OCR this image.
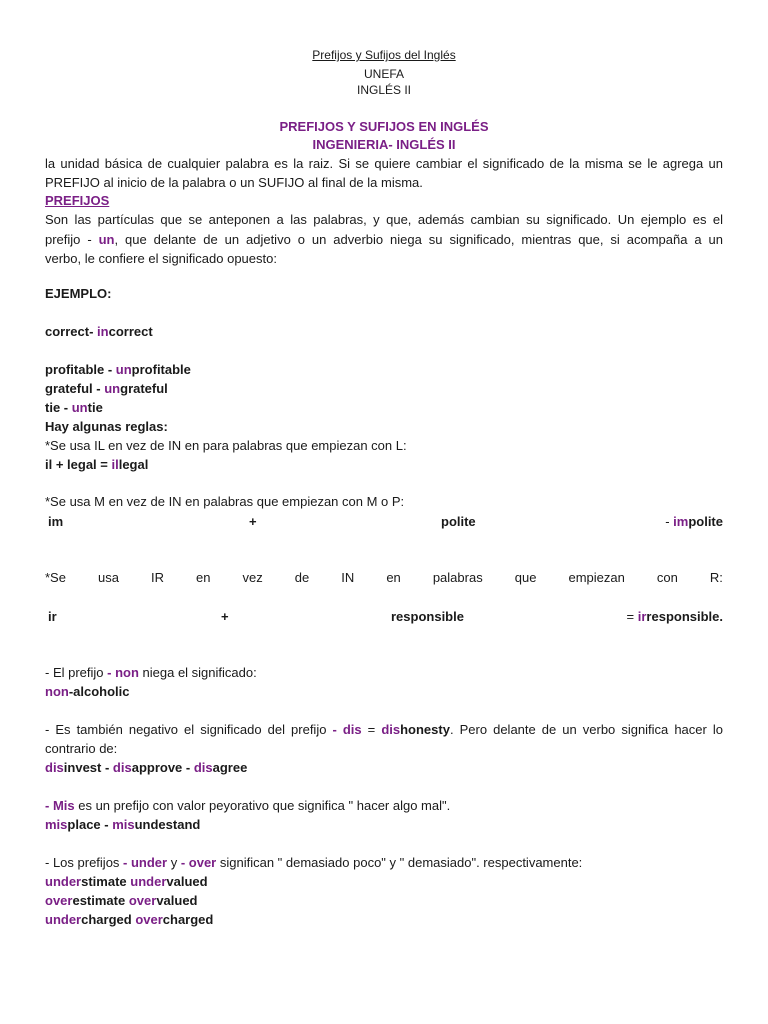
Prefijos y Sufijos del Inglés
UNEFA
INGLÉS II
PREFIJOS Y SUFIJOS EN INGLÉS
INGENIERIA- INGLÉS II
la unidad básica de cualquier palabra es la raiz. Si se quiere cambiar el significado de la misma se le agrega un
PREFIJO al inicio de la palabra o un SUFIJO al final de la misma.
PREFIJOS
Son las partículas que se anteponen a las palabras, y que, además cambian su significado. Un ejemplo es el
prefijo - un, que delante de un adjetivo o un adverbio niega su significado, mientras que, si acompaña a un
verbo, le confiere el significado opuesto:
EJEMPLO:
correct- incorrect
profitable - unprofitable
grateful - ungrateful
tie - untie
Hay algunas reglas:
*Se usa IL en vez de IN en para palabras que empiezan con L:
il + legal = illegal
*Se usa M en vez de IN en palabras que empiezan con M o P:
im	+	polite	- impolite
*Se usa IR en vez de IN en palabras que empiezan con R:
ir	+	responsible	= irresponsible.
- El prefijo - non niega el significado:
non-alcoholic
- Es también negativo el significado del prefijo - dis = dishonesty. Pero delante de un verbo significa hacer lo
contrario de:
disinvest - disapprove - disagree
- Mis es un prefijo con valor peyorativo que significa " hacer algo mal".
misplace - misundestand
- Los prefijos - under y - over significan " demasiado poco" y " demasiado". respectivamente:
understimate undervalued
overestimate overvalued
undercharged overcharged
